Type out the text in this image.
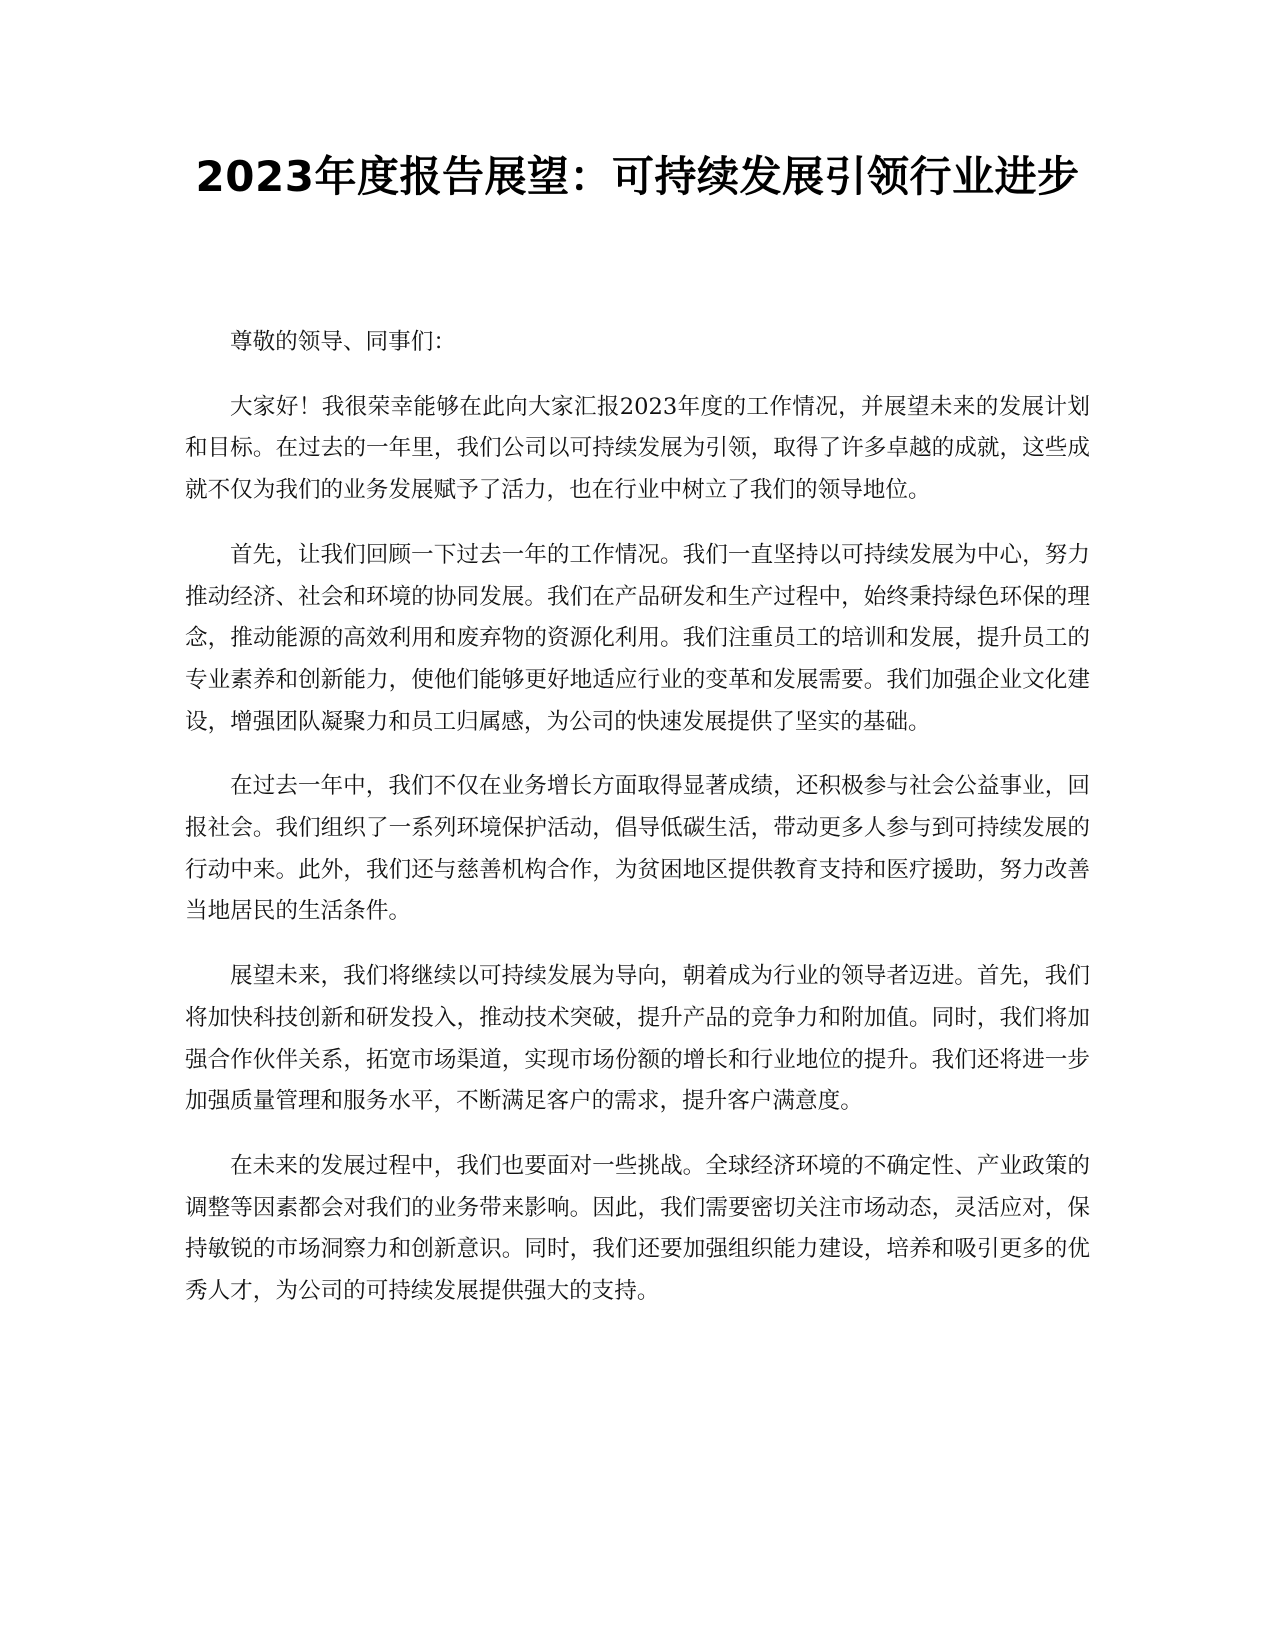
2023年度报告展望：可持续发展引领行业进步

尊敬的领导、同事们：

大家好！我很荣幸能够在此向大家汇报2023年度的工作情况，并展望未来的发展计划和目标。在过去的一年里，我们公司以可持续发展为引领，取得了许多卓越的成就，这些成就不仅为我们的业务发展赋予了活力，也在行业中树立了我们的领导地位。

首先，让我们回顾一下过去一年的工作情况。我们一直坚持以可持续发展为中心，努力推动经济、社会和环境的协同发展。我们在产品研发和生产过程中，始终秉持绿色环保的理念，推动能源的高效利用和废弃物的资源化利用。我们注重员工的培训和发展，提升员工的专业素养和创新能力，使他们能够更好地适应行业的变革和发展需要。我们加强企业文化建设，增强团队凝聚力和员工归属感，为公司的快速发展提供了坚实的基础。

在过去一年中，我们不仅在业务增长方面取得显著成绩，还积极参与社会公益事业，回报社会。我们组织了一系列环境保护活动，倡导低碳生活，带动更多人参与到可持续发展的行动中来。此外，我们还与慈善机构合作，为贫困地区提供教育支持和医疗援助，努力改善当地居民的生活条件。

展望未来，我们将继续以可持续发展为导向，朝着成为行业的领导者迈进。首先，我们将加快科技创新和研发投入，推动技术突破，提升产品的竞争力和附加值。同时，我们将加强合作伙伴关系，拓宽市场渠道，实现市场份额的增长和行业地位的提升。我们还将进一步加强质量管理和服务水平，不断满足客户的需求，提升客户满意度。

在未来的发展过程中，我们也要面对一些挑战。全球经济环境的不确定性、产业政策的调整等因素都会对我们的业务带来影响。因此，我们需要密切关注市场动态，灵活应对，保持敏锐的市场洞察力和创新意识。同时，我们还要加强组织能力建设，培养和吸引更多的优秀人才，为公司的可持续发展提供强大的支持。
